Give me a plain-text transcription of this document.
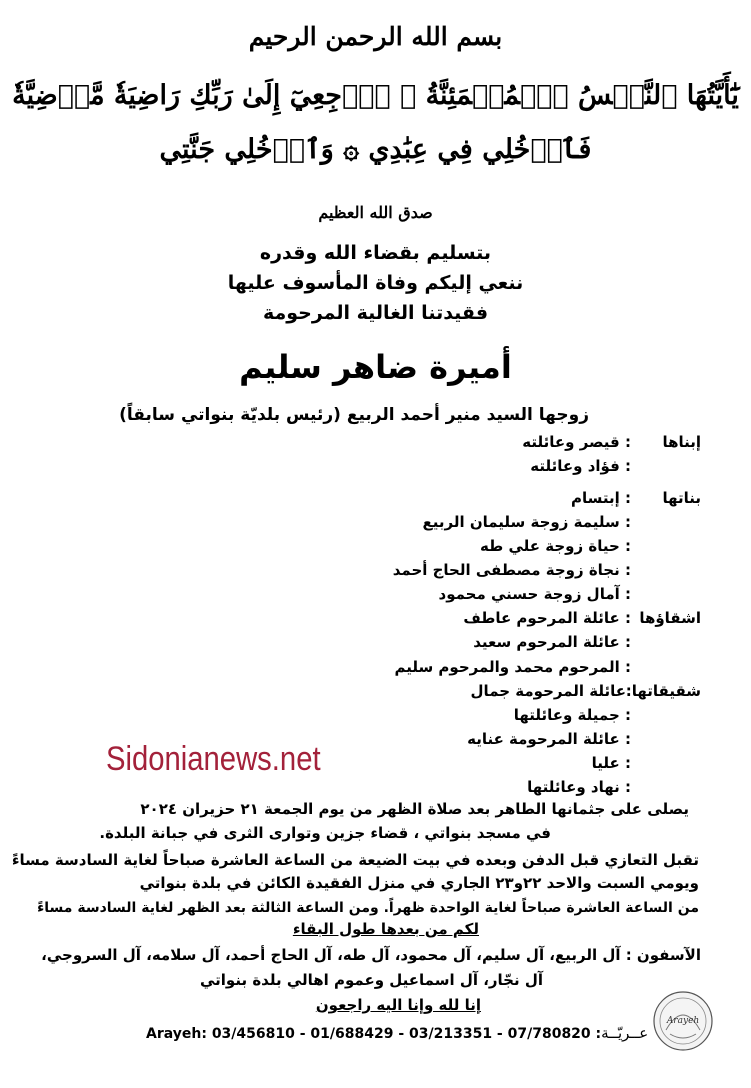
بسم الله الرحمن الرحيم
يَٰٓأَيَّتُهَا ٱلنَّفۡسُ ٱلۡمُطۡمَئِنَّةُ ۞ ٱرۡجِعِيٓ إِلَىٰ رَبِّكِ رَاضِيَةٗ مَّرۡضِيَّةٗ
فَٱدۡخُلِي فِي عِبَٰدِي ۞ وَٱدۡخُلِي جَنَّتِي
صدق الله العظيم
بتسليم بقضاء الله وقدره
ننعي إليكم وفاة المأسوف عليها
فقيدتنا الغالية المرحومة
أميرة ضاهر سليم
زوجها السيد منير أحمد الربيع (رئيس بلديّة بنواتي سابقاً)
إبناها
: قيصر وعائلته
: فؤاد وعائلته
بناتها
: إبتسام
: سليمة زوجة سليمان الربيع
: حياة زوجة علي طه
: نجاة زوجة مصطفى الحاج أحمد
: آمال زوجة حسني محمود
اشقاؤها
: عائلة المرحوم عاطف
: عائلة المرحوم سعيد
: المرحوم محمد والمرحوم سليم
شقيقاتها:
عائلة المرحومة جمال
: جميلة وعائلتها
: عائلة المرحومة عنايه
: عليا
: نهاد وعائلتها
Sidonianews.net
يصلى على جثمانها الطاهر بعد صلاة الظهر من يوم الجمعة ٢١ حزيران ٢٠٢٤
في مسجد بنواتي ، قضاء جزين وتوارى الثرى في جبانة البلدة.
تقبل التعازي قبل الدفن وبعده في بيت الضيعة من الساعة العاشرة صباحاً لغاية السادسة مساءً
ويومي السبت والاحد ٢٢و٢٣ الجاري في منزل الفقيدة الكائن في بلدة بنواتي
من الساعة العاشرة صباحاً لغاية الواحدة ظهراً. ومن الساعة الثالثة بعد الظهر لغاية السادسة مساءً
لكم من بعدها طول البقاء
الآسفون : آل الربيع، آل سليم، آل محمود، آل طه، آل الحاج أحمد، آل سلامه، آل السروجي،
آل نجّار، آل اسماعيل وعموم اهالي بلدة بنواتي
إنا لله وإنا اليه راجعون
Arayeh: 03/456810 - 01/688429 - 03/213351 - 07/780820 :عــريّــة
Arayeh
